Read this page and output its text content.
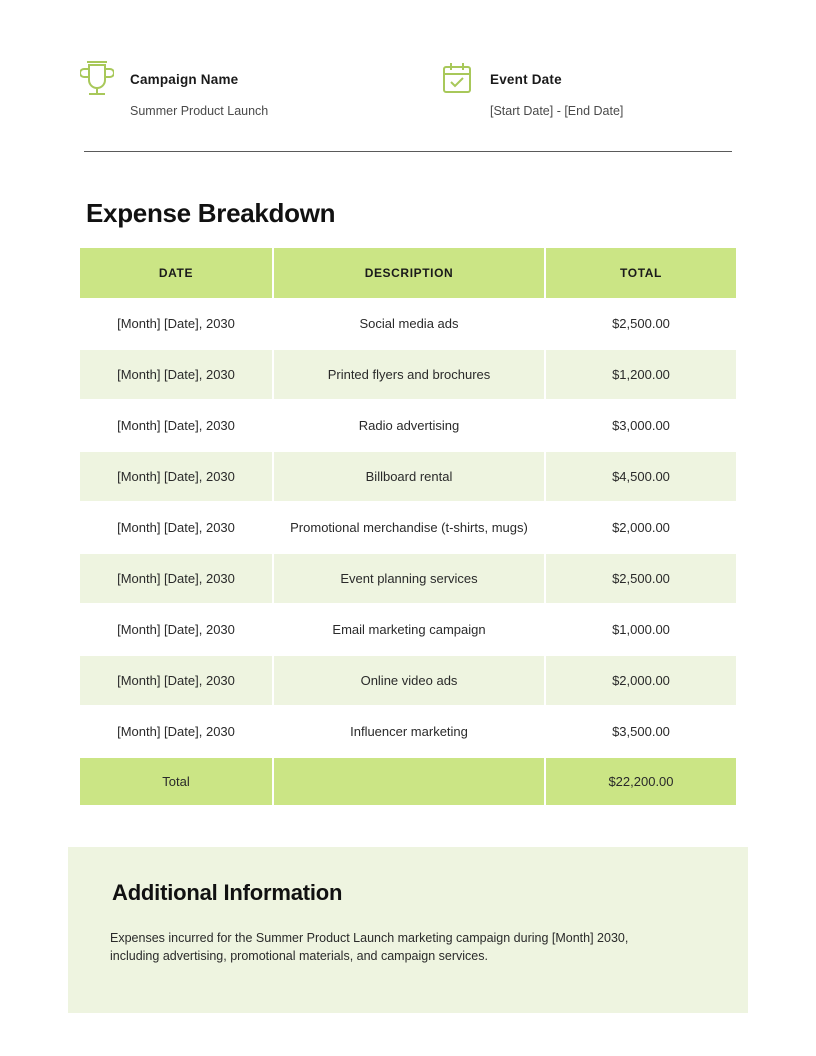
Campaign Name
Summer Product Launch
Event Date
[Start Date] - [End Date]
Expense Breakdown
DATE	DESCRIPTION	TOTAL
[Month] [Date], 2030	Social media ads	$2,500.00
[Month] [Date], 2030	Printed flyers and brochures	$1,200.00
[Month] [Date], 2030	Radio advertising	$3,000.00
[Month] [Date], 2030	Billboard rental	$4,500.00
[Month] [Date], 2030	Promotional merchandise (t-shirts, mugs)	$2,000.00
[Month] [Date], 2030	Event planning services	$2,500.00
[Month] [Date], 2030	Email marketing campaign	$1,000.00
[Month] [Date], 2030	Online video ads	$2,000.00
[Month] [Date], 2030	Influencer marketing	$3,500.00
Total		$22,200.00
Additional Information
Expenses incurred for the Summer Product Launch marketing campaign during [Month] 2030, including advertising, promotional materials, and campaign services.
